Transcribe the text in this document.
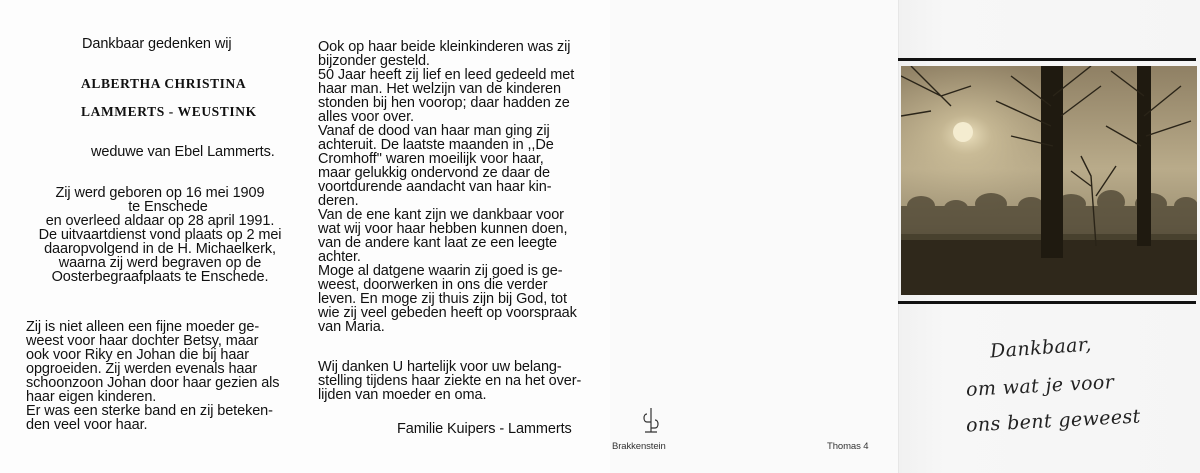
Dankbaar gedenken wij
ALBERTHA CHRISTINA
LAMMERTS - WEUSTINK
weduwe van Ebel Lammerts.
Zij werd geboren op 16 mei 1909
te Enschede
en overleed aldaar op 28 april 1991.
De uitvaartdienst vond plaats op 2 mei
daaropvolgend in de H. Michaelkerk,
waarna zij werd begraven op de
Oosterbegraafplaats te Enschede.
Zij is niet alleen een fijne moeder ge-
weest voor haar dochter Betsy, maar
ook voor Riky en Johan die bij haar
opgroeiden. Zij werden evenals haar
schoonzoon Johan door haar gezien als
haar eigen kinderen.
Er was een sterke band en zij beteken-
den veel voor haar.
Ook op haar beide kleinkinderen was zij
bijzonder gesteld.
50 Jaar heeft zij lief en leed gedeeld met
haar man. Het welzijn van de kinderen
stonden bij hen voorop; daar hadden ze
alles voor over.
Vanaf de dood van haar man ging zij
achteruit. De laatste maanden in ,,De
Cromhoff'' waren moeilijk voor haar,
maar gelukkig ondervond ze daar de
voortdurende aandacht van haar kin-
deren.
Van de ene kant zijn we dankbaar voor
wat wij voor haar hebben kunnen doen,
van de andere kant laat ze een leegte
achter.
Moge al datgene waarin zij goed is ge-
weest, doorwerken in ons die verder
leven. En moge zij thuis zijn bij God, tot
wie zij veel gebeden heeft op voorspraak
van Maria.
Wij danken U hartelijk voor uw belang-
stelling tijdens haar ziekte en na het over-
lijden van moeder en oma.
Familie Kuipers - Lammerts
Brakkenstein	Thomas 4
Dankbaar,
om wat je voor
ons bent geweest
